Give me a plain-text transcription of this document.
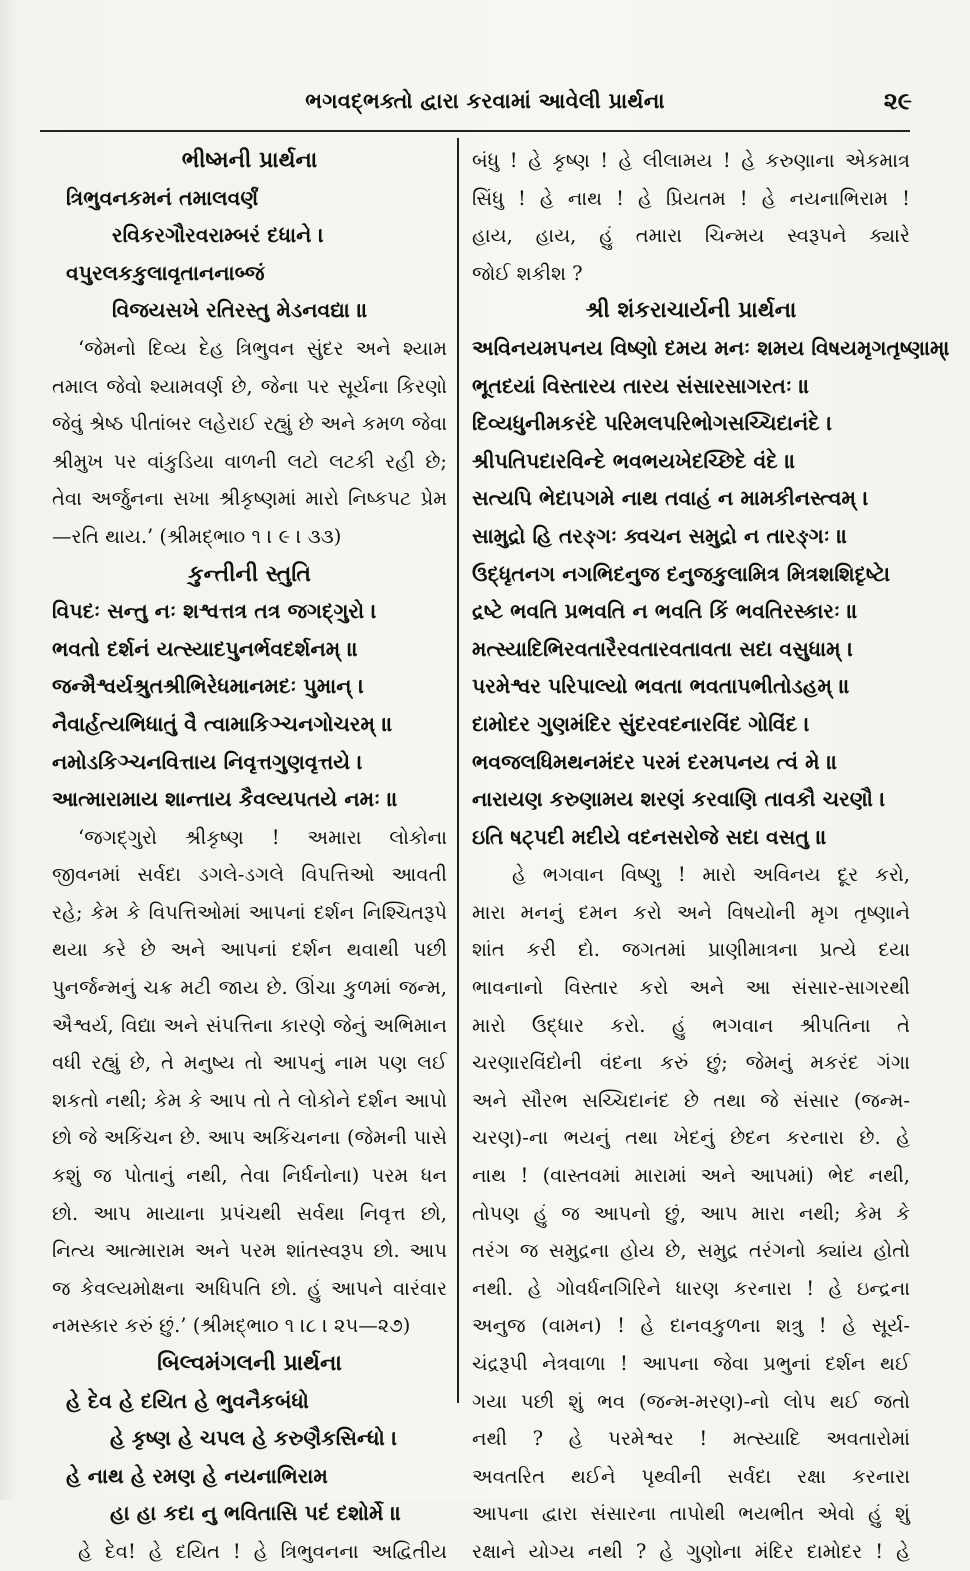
ભગવદ્ભક્તો દ્વારા કરવામાં આવેલી પ્રાર્થના	૨૯
ભીષ્મની પ્રાર્થના
ત્રિભુવનકમનં તમાલવર્ણં
રવિકરગૌરવરામ્બરં દધાને ।
વપુરલકકુલાવૃતાનનાબ્જં
વિજયસખે રતિરસ્તુ મેડનવદ્યા ॥
‘જેમનો દિવ્ય દેહ ત્રિભુવન સુંદર અને શ્યામ
તમાલ જેવો શ્યામવર્ણ છે, જેના પર સૂર્યના કિરણો
જેવું શ્રેષ્ઠ પીતાંબર લહેરાઈ રહ્યું છે અને કમળ જેવા
શ્રીમુખ પર વાંકુડિયા વાળની લટો લટકી રહી છે;
તેવા અર્જુનના સખા શ્રીકૃષ્ણમાં મારો નિષ્કપટ પ્રેમ
—રતિ થાય.’ (શ્રીમદ્ભા૦ ૧ । ૯ । ૩૩)
કુન્તીની સ્તુતિ
વિપદઃ સન્તુ નઃ શશ્વત્તત્ર તત્ર જગદ્ગુરો ।
ભવતો દર્શનં યત્સ્યાદપુનર્ભવદર્શનમ્ ॥
જન્મૈશ્વર્યશ્રુતશ્રીભિરેધમાનમદઃ પુમાન્ ।
નૈવાર્હત્યભિધાતું વૈ ત્વામાકિઞ્ચનગોચરમ્ ॥
નમોડકિઞ્ચનવિત્તાય નિવૃત્તગુણવૃત્તયે ।
આત્મારામાય શાન્તાય કૈવલ્યપતયે નમઃ ॥
‘જગદ્ગુરો શ્રીકૃષ્ણ ! અમારા લોકોના
જીવનમાં સર્વદા ડગલે-ડગલે વિપત્તિઓ આવતી
રહે; કેમ કે વિપત્તિઓમાં આપનાં દર્શન નિશ્ચિતરૂપે
થયા કરે છે અને આપનાં દર્શન થવાથી પછી
પુનર્જન્મનું ચક્ર મટી જાય છે. ઊંચા કુળમાં જન્મ,
ઐશ્વર્ય, વિદ્યા અને સંપત્તિના કારણે જેનું અભિમાન
વધી રહ્યું છે, તે મનુષ્ય તો આપનું નામ પણ લઈ
શકતો નથી; કેમ કે આપ તો તે લોકોને દર્શન આપો
છો જે અકિંચન છે. આપ અકિંચનના (જેમની પાસે
કશું જ પોતાનું નથી, તેવા નિર્ધનોના) પરમ ધન
છો. આપ માયાના પ્રપંચથી સર્વથા નિવૃત્ત છો,
નિત્ય આત્મારામ અને પરમ શાંતસ્વરૂપ છો. આપ
જ કેવલ્યમોક્ષના અધિપતિ છો. હું આપને વારંવાર
નમસ્કાર કરું છું.’ (શ્રીમદ્ભા૦ ૧ ।૮ । ૨૫—૨૭)
બિલ્વમંગલની પ્રાર્થના
હે દેવ હે દયિત હે ભુવનૈકબંધો
હે કૃષ્ણ હે ચપલ હે કરુણૈકસિન્ધો ।
હે નાથ હે રમણ હે નયનાભિરામ
હા હા કદા નુ ભવિતાસિ પદં દશોર્મે ॥
હે દેવ! હે દયિત ! હે ત્રિભુવનના અદ્વિતીય
બંધુ ! હે કૃષ્ણ ! હે લીલામય ! હે કરુણાના એકમાત્ર
સિંધુ ! હે નાથ ! હે પ્રિયતમ ! હે નયનાભિરામ !
હાય, હાય, હું તમારા ચિન્મય સ્વરૂપને ક્યારે
જોઈ શકીશ ?
શ્રી શંકરાચાર્યની પ્રાર્થના
અવિનયમપનય વિષ્ણો દમય મનઃ શમય વિષયમૃગતૃષ્ણામ્।
ભૂતદયાં વિસ્તારય તારય સંસારસાગરતઃ ॥
દિવ્યધુનીમકરંદે પરિમલપરિભોગસચ્ચિદાનંદે ।
શ્રીપતિપદારવિન્દે ભવભયખેદચ્છિદે વંદે ॥
સત્યપિ ભેદાપગમે નાથ તવાહં ન મામકીનસ્ત્વમ્ ।
સામુદ્રો હિ તરઙ્ગઃ ક્વચન સમુદ્રો ન તારઙ્ગઃ ॥
ઉદ્ધૃતનગ નગભિદનુજ દનુજકુલામિત્ર મિત્રશશિદૃષ્ટે।
દ્રષ્ટે ભવતિ પ્રભવતિ ન ભવતિ કિં ભવતિરસ્કારઃ ॥
મત્સ્યાદિભિરવતારૈરવતારવતાવતા સદા વસુધામ્ ।
પરમેશ્વર પરિપાલ્યો ભવતા ભવતાપભીતોડહમ્ ॥
દામોદર ગુણમંદિર સુંદરવદનારવિંદ ગોવિંદ ।
ભવજલધિમથનમંદર પરમં દરમપનય ત્વં મે ॥
નારાયણ કરુણામય શરણં કરવાણિ તાવકૌ ચરણૌ ।
ઇતિ ષટ્પદી મદીયે વદનસરોજે સદા વસતુ ॥
હે ભગવાન વિષ્ણુ ! મારો અવિનય દૂર કરો,
મારા મનનું દમન કરો અને વિષયોની મૃગ તૃષ્ણાને
શાંત કરી દો. જગતમાં પ્રાણીમાત્રના પ્રત્યે દયા
ભાવનાનો વિસ્તાર કરો અને આ સંસાર-સાગરથી
મારો ઉદ્ધાર કરો. હું ભગવાન શ્રીપતિના તે
ચરણારવિંદોની વંદના કરું છું; જેમનું મકરંદ ગંગા
અને સૌરભ સચ્ચિદાનંદ છે તથા જે સંસાર (જન્મ-
ચરણ)-ના ભયનું તથા ખેદનું છેદન કરનારા છે. હે
નાથ ! (વાસ્તવમાં મારામાં અને આપમાં) ભેદ નથી,
તોપણ હું જ આપનો છું, આપ મારા નથી; કેમ કે
તરંગ જ સમુદ્રના હોય છે, સમુદ્ર તરંગનો ક્યાંય હોતો
નથી. હે ગોવર્ધનગિરિને ધારણ કરનારા ! હે ઇન્દ્રના
અનુજ (વામન) ! હે દાનવકુળના શત્રુ ! હે સૂર્ય-
ચંદ્રરૂપી નેત્રવાળા ! આપના જેવા પ્રભુનાં દર્શન થઈ
ગયા પછી શું ભવ (જન્મ-મરણ)-નો લોપ થઈ જતો
નથી ? હે પરમેશ્વર ! મત્સ્યાદિ અવતારોમાં
અવતરિત થઈને પૃથ્વીની સર્વદા રક્ષા કરનારા
આપના દ્વારા સંસારના તાપોથી ભયભીત એવો હું શું
રક્ષાને યોગ્ય નથી ? હે ગુણોના મંદિર દામોદર ! હે
